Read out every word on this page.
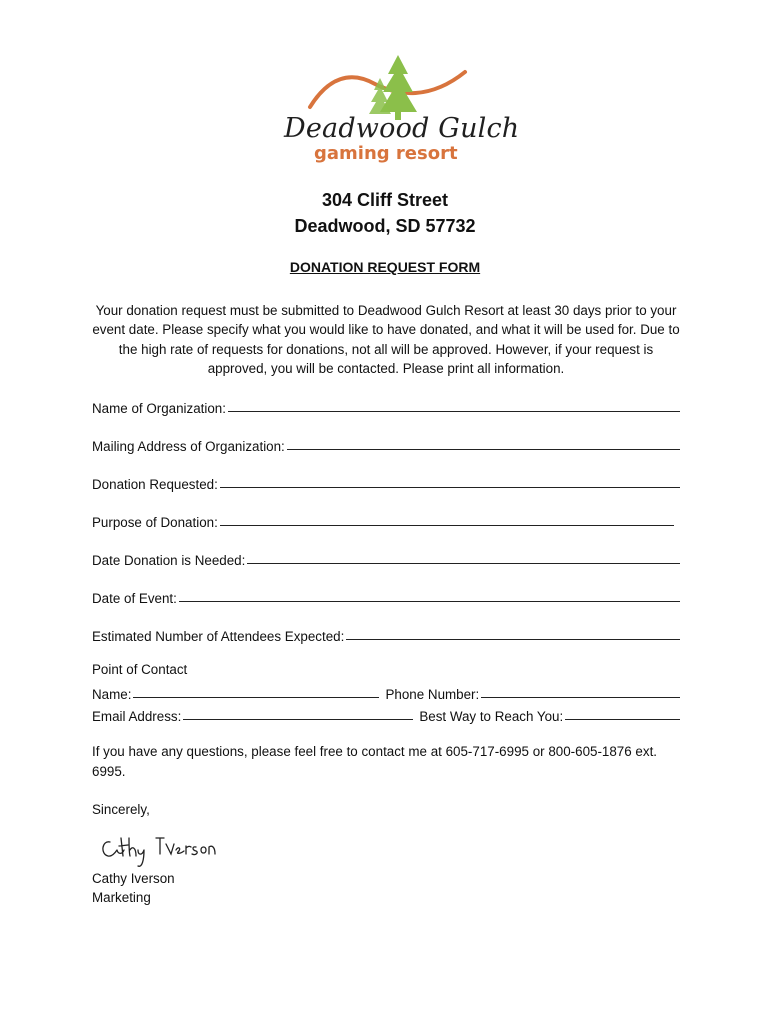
Deadwood Gulch
gaming resort
304 Cliff Street
Deadwood, SD 57732
DONATION REQUEST FORM
Your donation request must be submitted to Deadwood Gulch Resort at least 30 days prior to your event date. Please specify what you would like to have donated, and what it will be used for. Due to the high rate of requests for donations, not all will be approved. However, if your request is approved, you will be contacted. Please print all information.
Name of Organization:
Mailing Address of Organization:
Donation Requested:
Purpose of Donation:
Date Donation is Needed:
Date of Event:
Estimated Number of Attendees Expected:
Point of Contact
Name:	Phone Number:
Email Address:	Best Way to Reach You:
If you have any questions, please feel free to contact me at 605-717-6995 or 800-605-1876 ext. 6995.
Sincerely,
Cathy Iverson
Marketing
